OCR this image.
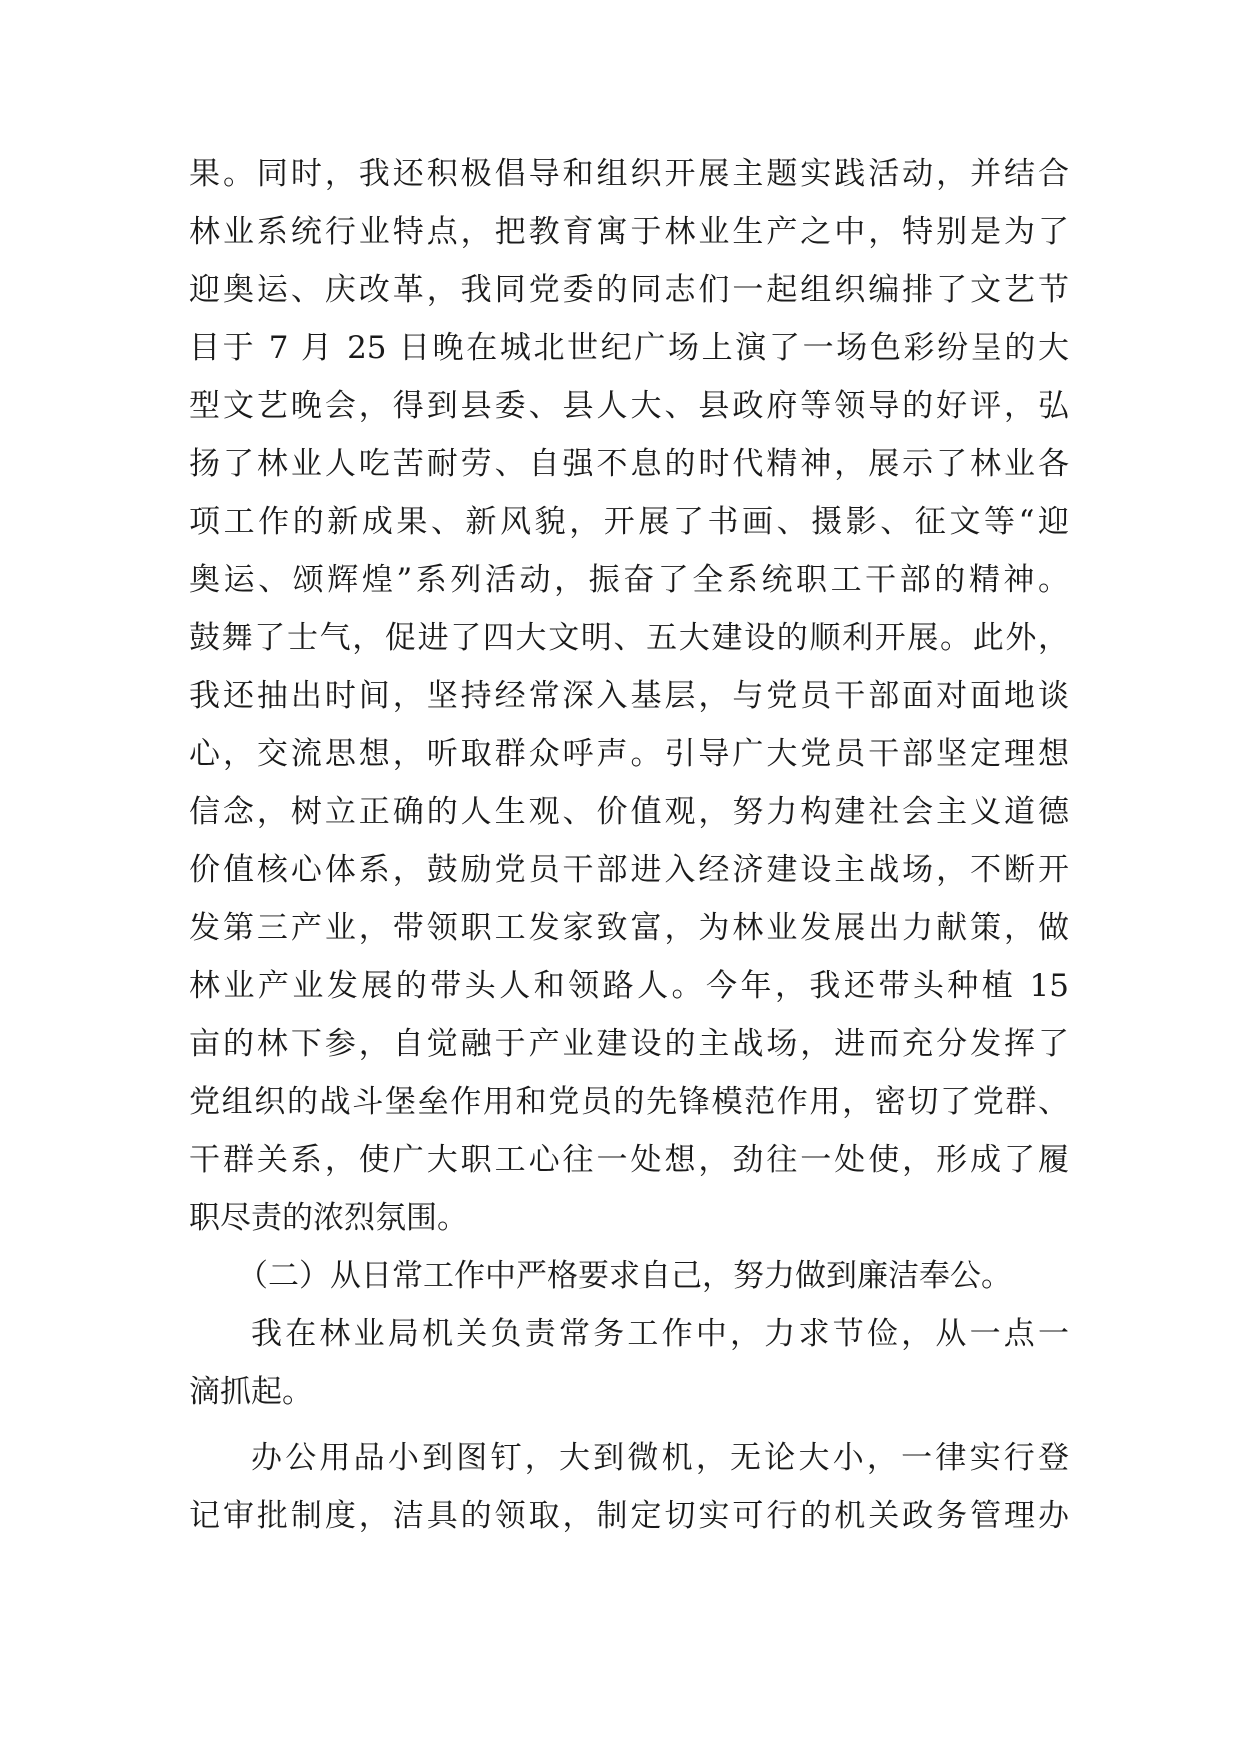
果。同时，我还积极倡导和组织开展主题实践活动，并结合
林业系统行业特点，把教育寓于林业生产之中，特别是为了
迎奥运、庆改革，我同党委的同志们一起组织编排了文艺节
目于 7 月 25 日晚在城北世纪广场上演了一场色彩纷呈的大
型文艺晚会，得到县委、县人大、县政府等领导的好评，弘
扬了林业人吃苦耐劳、自强不息的时代精神，展示了林业各
项工作的新成果、新风貌，开展了书画、摄影、征文等“迎
奥运、颂辉煌”系列活动，振奋了全系统职工干部的精神。
鼓舞了士气，促进了四大文明、五大建设的顺利开展。此外，
我还抽出时间，坚持经常深入基层，与党员干部面对面地谈
心，交流思想，听取群众呼声。引导广大党员干部坚定理想
信念，树立正确的人生观、价值观，努力构建社会主义道德
价值核心体系，鼓励党员干部进入经济建设主战场，不断开
发第三产业，带领职工发家致富，为林业发展出力献策，做
林业产业发展的带头人和领路人。今年，我还带头种植 15
亩的林下参，自觉融于产业建设的主战场，进而充分发挥了
党组织的战斗堡垒作用和党员的先锋模范作用，密切了党群、
干群关系，使广大职工心往一处想，劲往一处使，形成了履
职尽责的浓烈氛围。
（二）从日常工作中严格要求自己，努力做到廉洁奉公。
我在林业局机关负责常务工作中，力求节俭，从一点一
滴抓起。
办公用品小到图钉，大到微机，无论大小，一律实行登
记审批制度，洁具的领取，制定切实可行的机关政务管理办
